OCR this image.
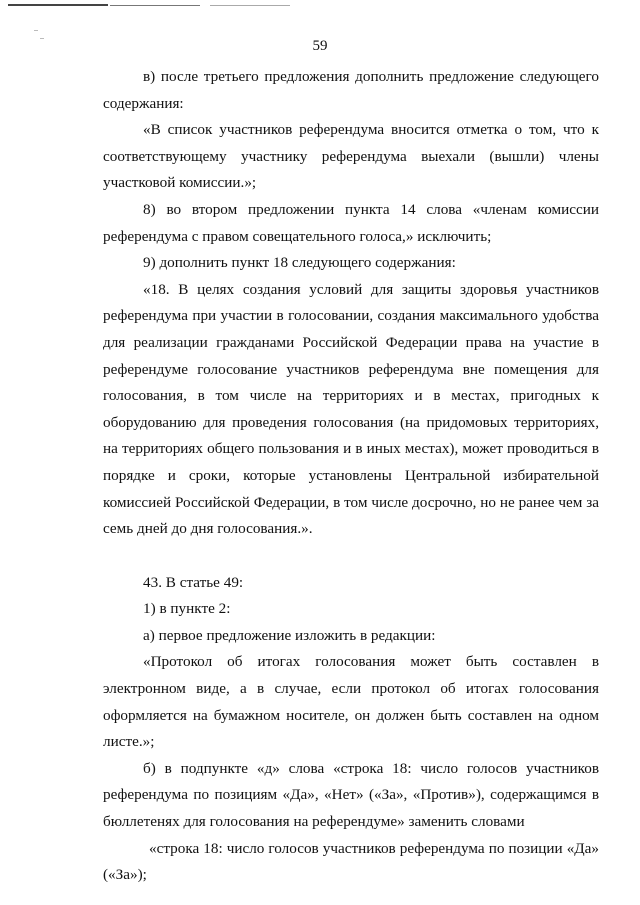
59

в) после третьего предложения дополнить предложение следующего содержания:

«В список участников референдума вносится отметка о том, что к соответствующему участнику референдума выехали (вышли) члены участковой комиссии.»;

8) во втором предложении пункта 14 слова «членам комиссии референдума с правом совещательного голоса,» исключить;

9) дополнить пункт 18 следующего содержания:

«18. В целях создания условий для защиты здоровья участников референдума при участии в голосовании, создания максимального удобства для реализации гражданами Российской Федерации права на участие в референдуме голосование участников референдума вне помещения для голосования, в том числе на территориях и в местах, пригодных к оборудованию для проведения голосования (на придомовых территориях, на территориях общего пользования и в иных местах), может проводиться в порядке и сроки, которые установлены Центральной избирательной комиссией Российской Федерации, в том числе досрочно, но не ранее чем за семь дней до дня голосования.».

43. В статье 49:

1) в пункте 2:

а) первое предложение изложить в редакции:

«Протокол об итогах голосования может быть составлен в электронном виде, а в случае, если протокол об итогах голосования оформляется на бумажном носителе, он должен быть составлен на одном листе.»;

б) в подпункте «д» слова «строка 18: число голосов участников референдума по позициям «Да», «Нет» («За», «Против»), содержащимся в бюллетенях для голосования на референдуме» заменить словами

«строка 18: число голосов участников референдума по позиции «Да» («За»);
